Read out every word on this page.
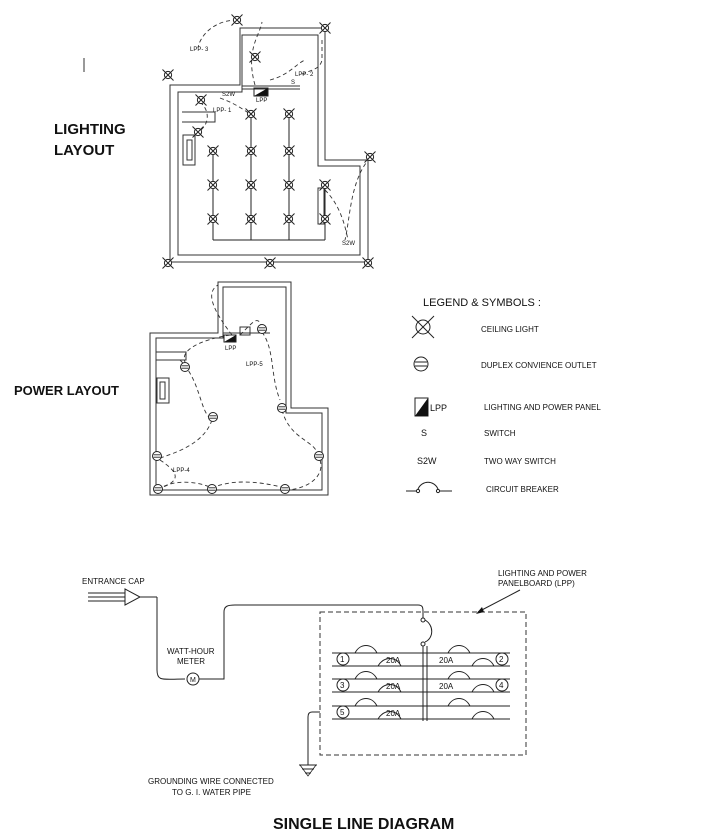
LIGHTING
LAYOUT
POWER LAYOUT
SINGLE LINE DIAGRAM
LPP- 3
LPP- 2
LPP- 1
S2W
S
LPP
S2W
LPP
LPP-5
LPP-4
LEGEND & SYMBOLS :
CEILING LIGHT
DUPLEX CONVIENCE OUTLET
LPP	LIGHTING AND POWER PANEL
S	SWITCH
S2W	TWO WAY SWITCH
CIRCUIT BREAKER
ENTRANCE CAP
M
WATT-HOUR
METER
LIGHTING AND POWER
PANELBOARD (LPP)
1	20A	20A	2
3	20A	20A	4
5	20A
GROUNDING WIRE CONNECTED
TO G. I. WATER PIPE
